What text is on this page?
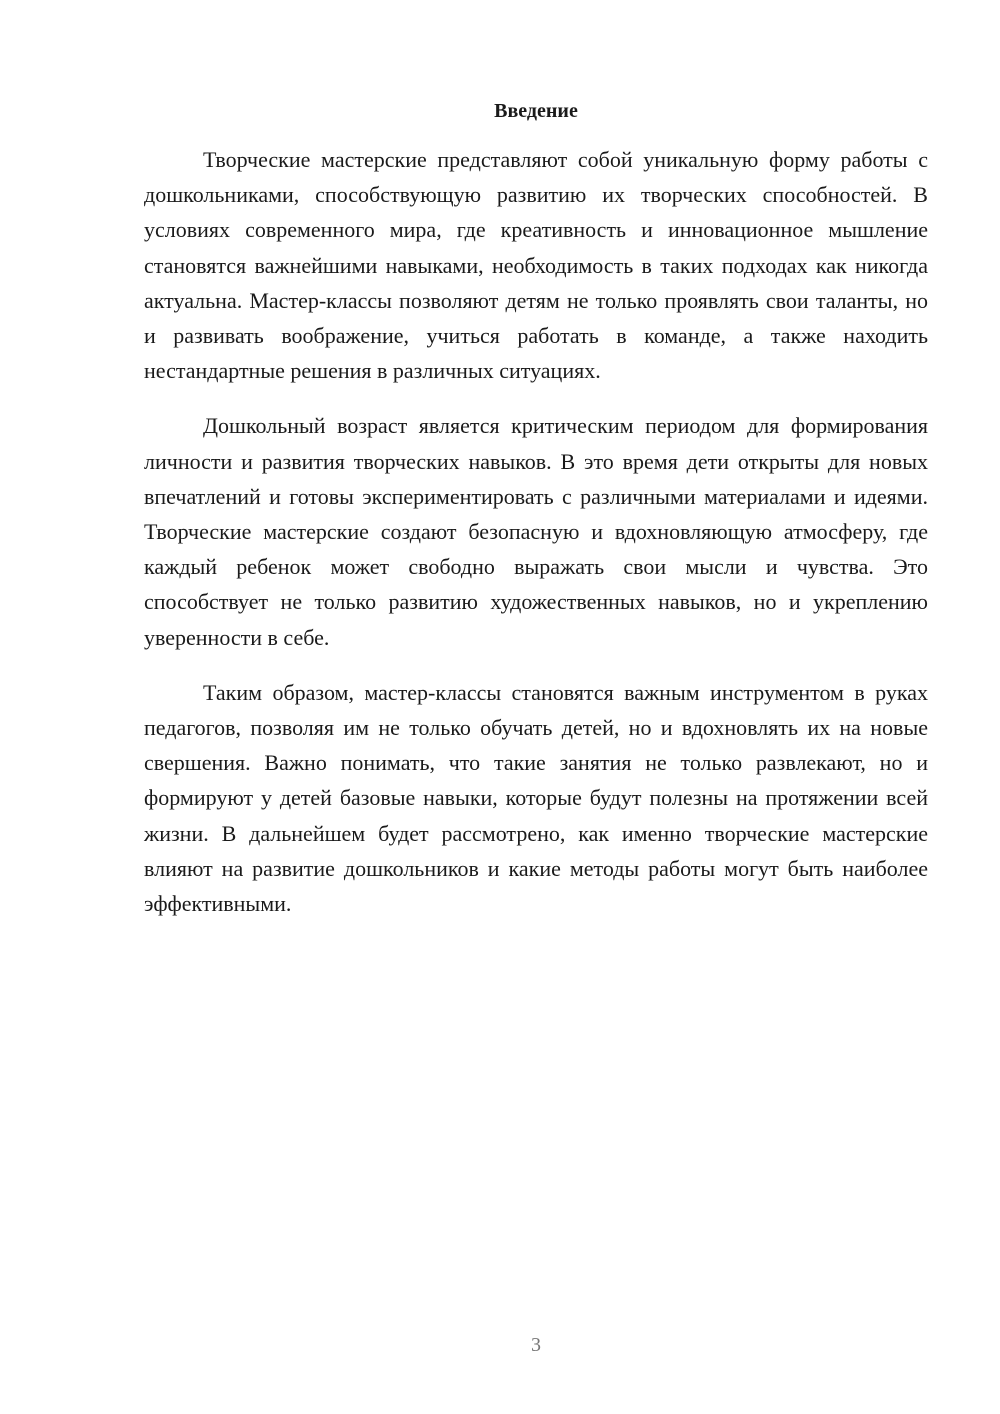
Введение

Творческие мастерские представляют собой уникальную форму работы с дошкольниками, способствующую развитию их творческих способностей. В условиях современного мира, где креативность и инновационное мышление становятся важнейшими навыками, необходимость в таких подходах как никогда актуальна. Мастер-классы позволяют детям не только проявлять свои таланты, но и развивать воображение, учиться работать в команде, а также находить нестандартные решения в различных ситуациях.

Дошкольный возраст является критическим периодом для формирования личности и развития творческих навыков. В это время дети открыты для новых впечатлений и готовы экспериментировать с различными материалами и идеями. Творческие мастерские создают безопасную и вдохновляющую атмосферу, где каждый ребенок может свободно выражать свои мысли и чувства. Это способствует не только развитию художественных навыков, но и укреплению уверенности в себе.

Таким образом, мастер-классы становятся важным инструментом в руках педагогов, позволяя им не только обучать детей, но и вдохновлять их на новые свершения. Важно понимать, что такие занятия не только развлекают, но и формируют у детей базовые навыки, которые будут полезны на протяжении всей жизни. В дальнейшем будет рассмотрено, как именно творческие мастерские влияют на развитие дошкольников и какие методы работы могут быть наиболее эффективными.

3
